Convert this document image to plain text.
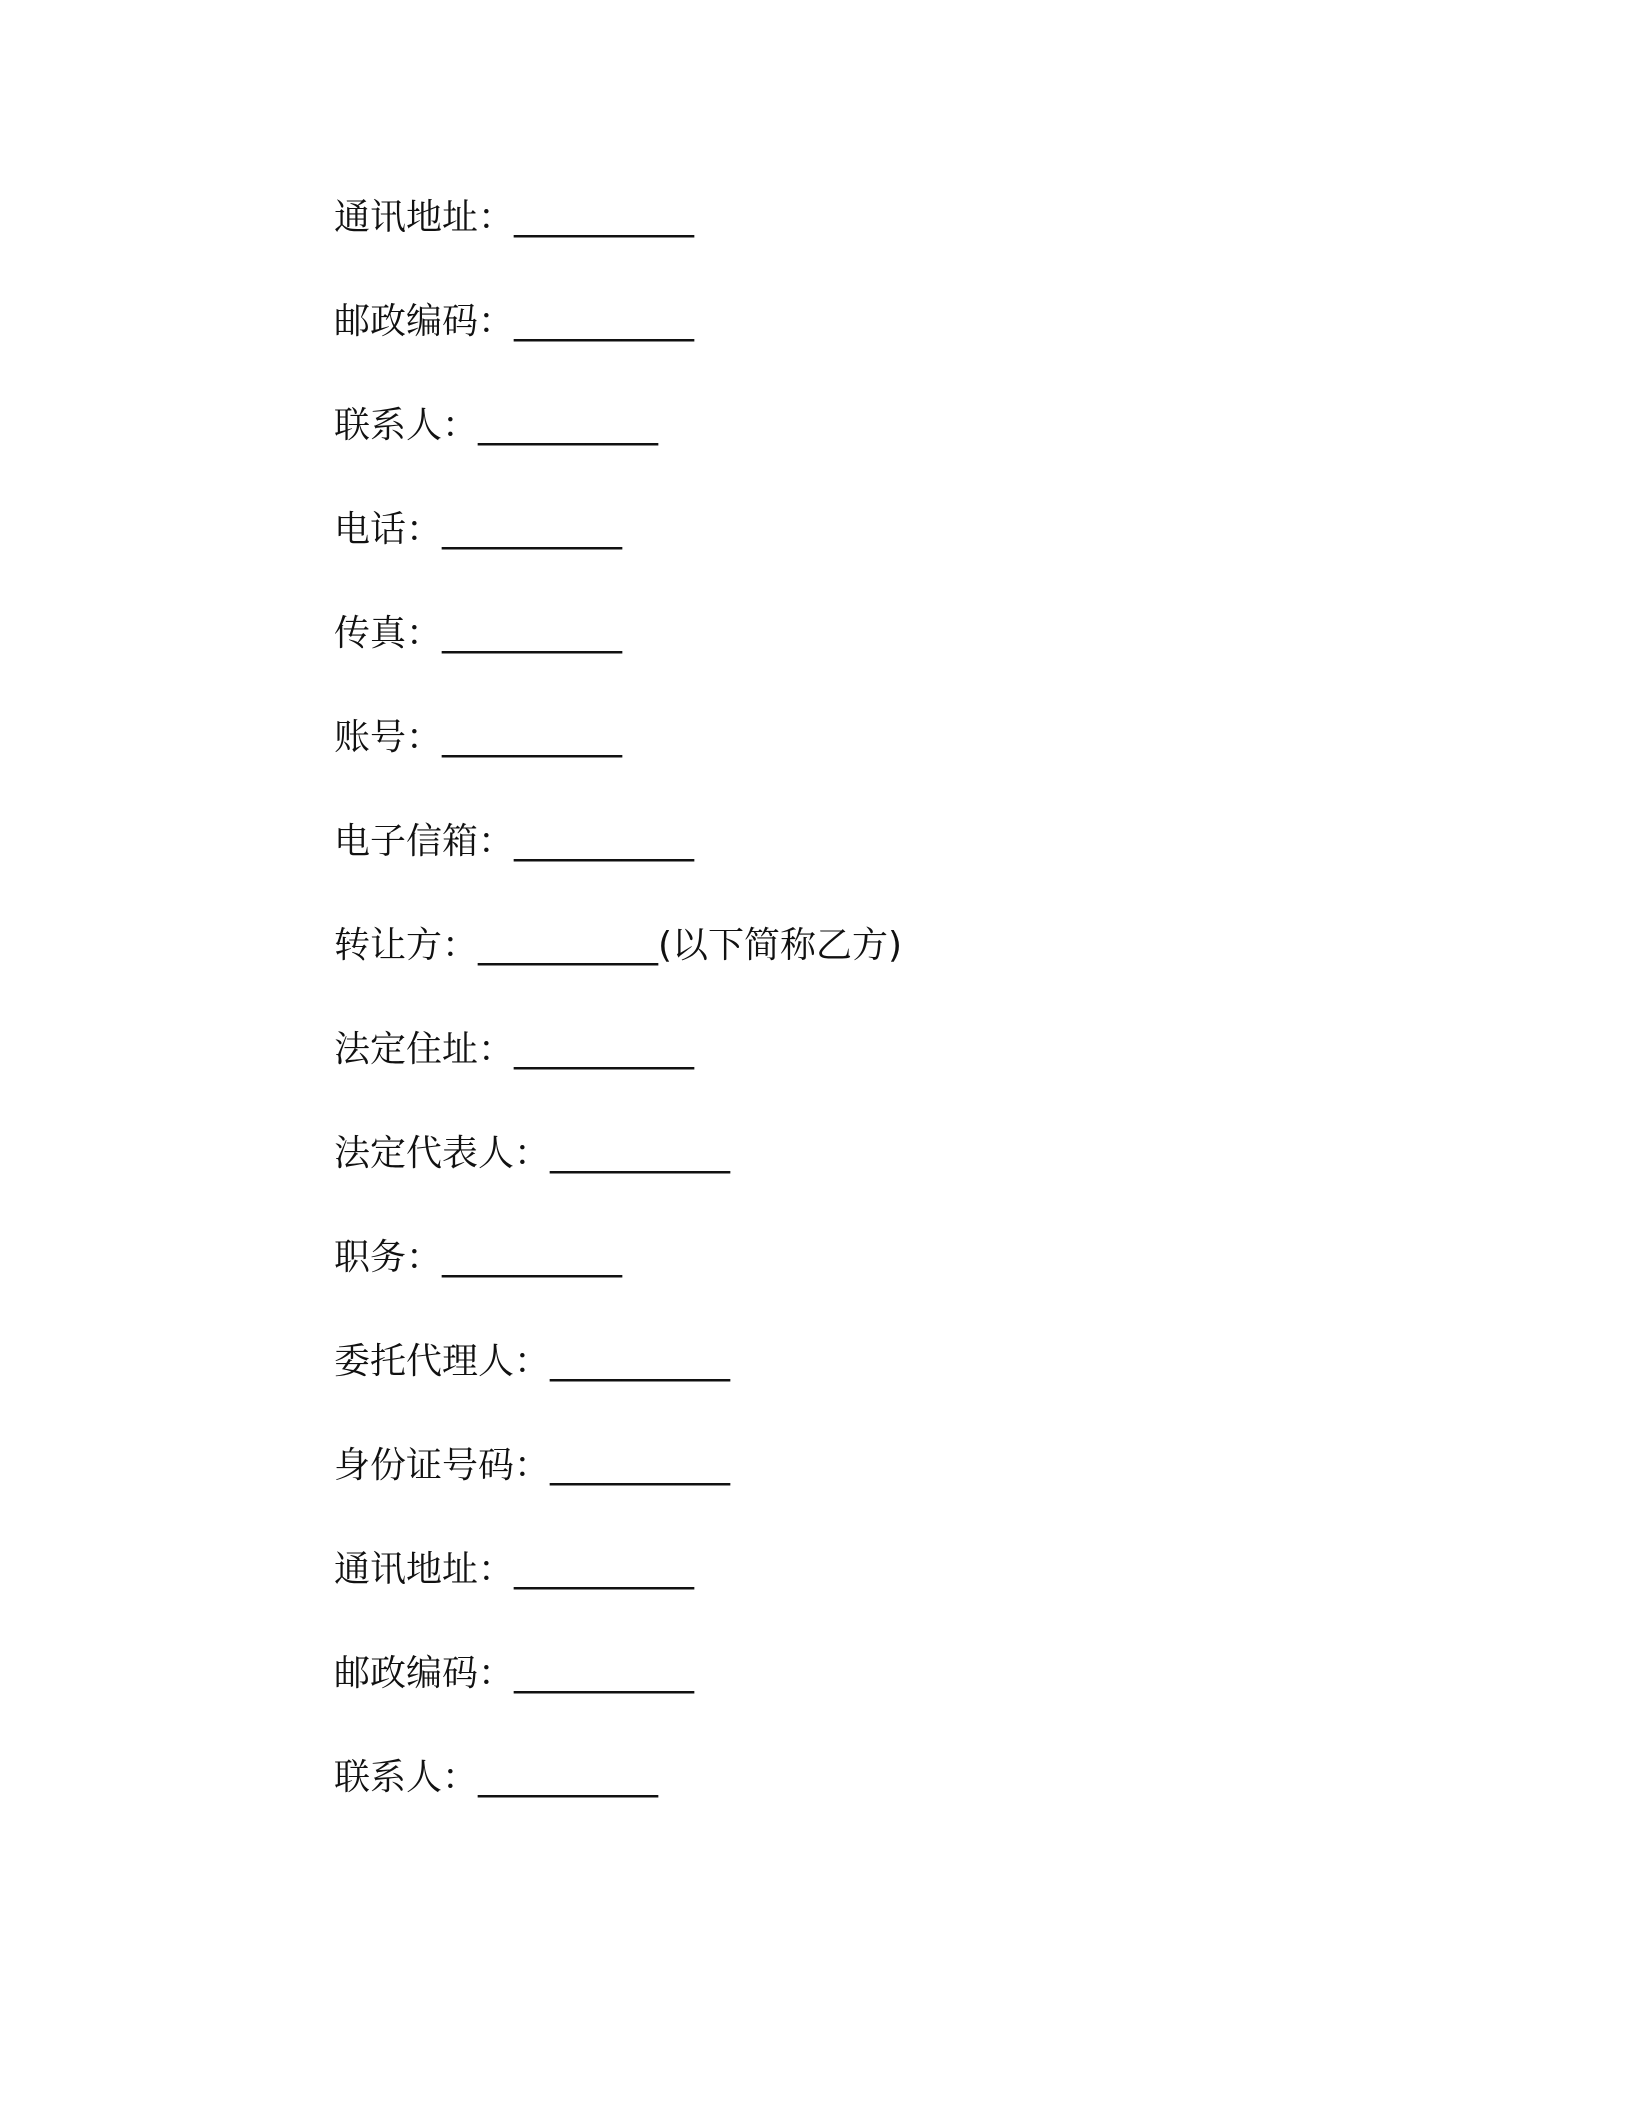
通讯地址：__________
邮政编码：__________
联系人：__________
电话：__________
传真：__________
账号：__________
电子信箱：__________
转让方：__________(以下简称乙方)
法定住址：__________
法定代表人：__________
职务：__________
委托代理人：__________
身份证号码：__________
通讯地址：__________
邮政编码：__________
联系人：__________
